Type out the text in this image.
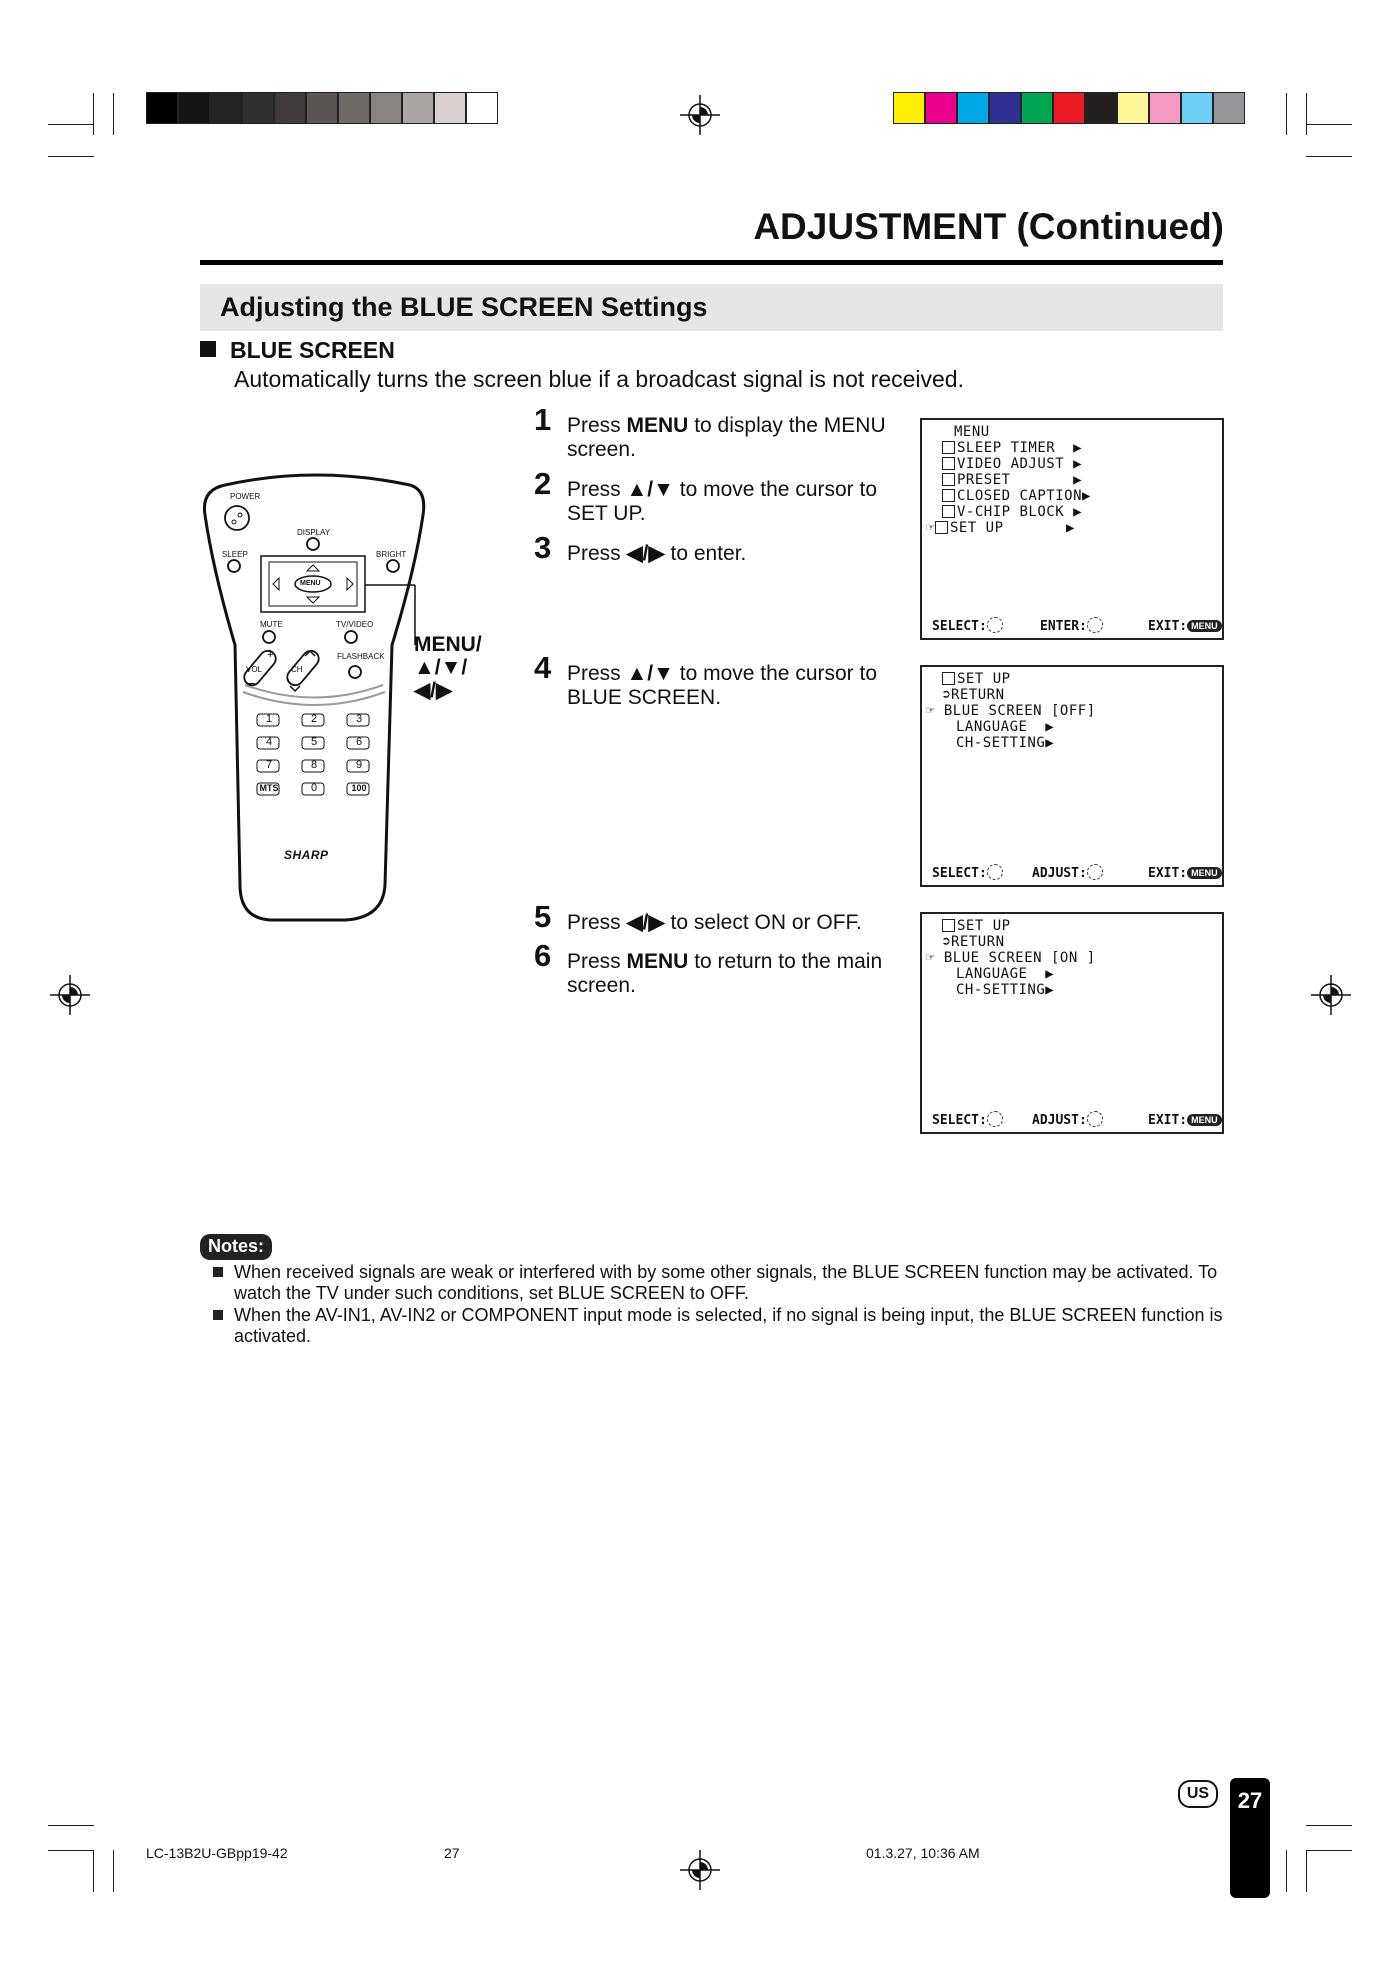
ADJUSTMENT (Continued)
Adjusting the BLUE SCREEN Settings
BLUE SCREEN
Automatically turns the screen blue if a broadcast signal is not received.
+
–
POWER
DISPLAY
SLEEP	BRIGHT
MENU
MUTE	TV/VIDEO
FLASHBACK
VOL	CH
1	2	3
4	5	6
7	8	9
MTS	0	100
SHARP
MENU/
▲/▼/
◀/▶
1 Press MENU to display the MENU screen.
2 Press ▲/▼ to move the cursor to SET UP.
3 Press ◀/▶ to enter.
4 Press ▲/▼ to move the cursor to BLUE SCREEN.
5 Press ◀/▶ to select ON or OFF.
6 Press MENU to return to the main screen.
MENU
SLEEP TIMER  ▶
VIDEO ADJUST ▶
PRESET       ▶
CLOSED CAPTION▶
V-CHIP BLOCK ▶
☞ SET UP       ▶
SELECT:	ENTER:	EXIT: MENU
SET UP
➲RETURN
☞ BLUE SCREEN [OFF]
LANGUAGE  ▶
CH-SETTING▶
SELECT:	ADJUST:	EXIT: MENU
SET UP
➲RETURN
☞ BLUE SCREEN [ON ]
LANGUAGE  ▶
CH-SETTING▶
SELECT:	ADJUST:	EXIT: MENU
Notes:
When received signals are weak or interfered with by some other signals, the BLUE SCREEN function may be activated. To watch the TV under such conditions, set BLUE SCREEN to OFF.
When the AV-IN1, AV-IN2 or COMPONENT input mode is selected, if no signal is being input, the BLUE SCREEN function is activated.
US	27
LC-13B2U-GBpp19-42	27	01.3.27, 10:36 AM
